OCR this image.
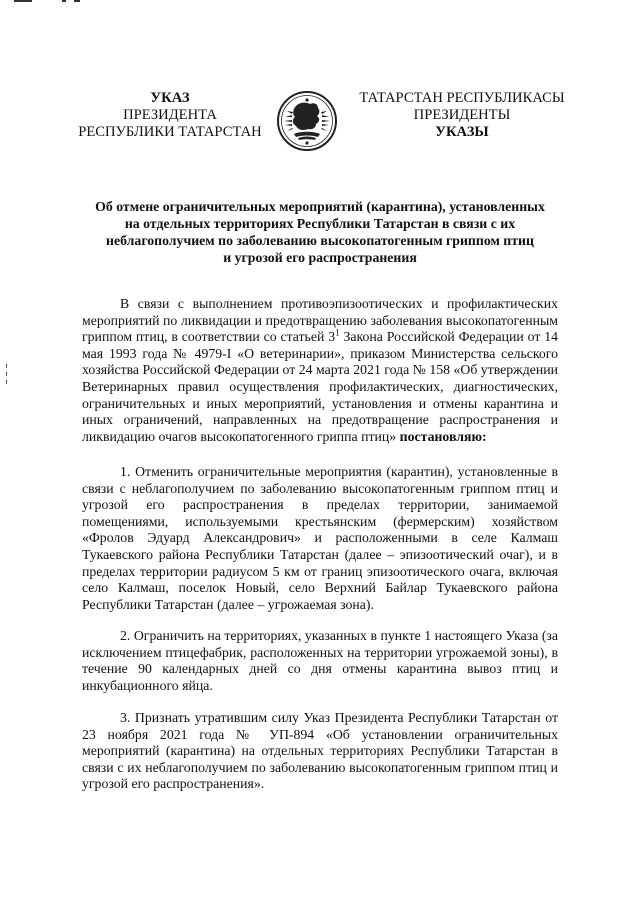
УКАЗ
ПРЕЗИДЕНТА
РЕСПУБЛИКИ ТАТАРСТАН
ТАТАРСТАН РЕСПУБЛИКАСЫ
ПРЕЗИДЕНТЫ
УКАЗЫ
Об отмене ограничительных мероприятий (карантина), установленных
на отдельных территориях Республики Татарстан в связи с их
неблагополучием по заболеванию высокопатогенным гриппом птиц
и угрозой его распространения
В связи с выполнением противоэпизоотических и профилактических мероприятий по ликвидации и предотвращению заболевания высокопатогенным гриппом птиц, в соответствии со статьей $3^1$ Закона Российской Федерации от 14 мая 1993 года № 4979-I «О ветеринарии», приказом Министерства сельского хозяйства Российской Федерации от 24 марта 2021 года № 158 «Об утверждении Ветеринарных правил осуществления профилактических, диагностических, ограничительных и иных мероприятий, установления и отмены карантина и иных ограничений, направленных на предотвращение распространения и ликвидацию очагов высокопатогенного гриппа птиц» постановляю:
1. Отменить ограничительные мероприятия (карантин), установленные в связи с неблагополучием по заболеванию высокопатогенным гриппом птиц и угрозой его распространения в пределах территории, занимаемой помещениями, используемыми крестьянским (фермерским) хозяйством «Фролов Эдуард Александрович» и расположенными в селе Калмаш Тукаевского района Республики Татарстан (далее – эпизоотический очаг), и в пределах территории радиусом 5 км от границ эпизоотического очага, включая село Калмаш, поселок Новый, село Верхний Байлар Тукаевского района Республики Татарстан (далее – угрожаемая зона).
2. Ограничить на территориях, указанных в пункте 1 настоящего Указа (за исключением птицефабрик, расположенных на территории угрожаемой зоны), в течение 90 календарных дней со дня отмены карантина вывоз птиц и инкубационного яйца.
3. Признать утратившим силу Указ Президента Республики Татарстан от 23 ноября 2021 года № УП-894 «Об установлении ограничительных мероприятий (карантина) на отдельных территориях Республики Татарстан в связи с их неблагополучием по заболеванию высокопатогенным гриппом птиц и угрозой его распространения».
